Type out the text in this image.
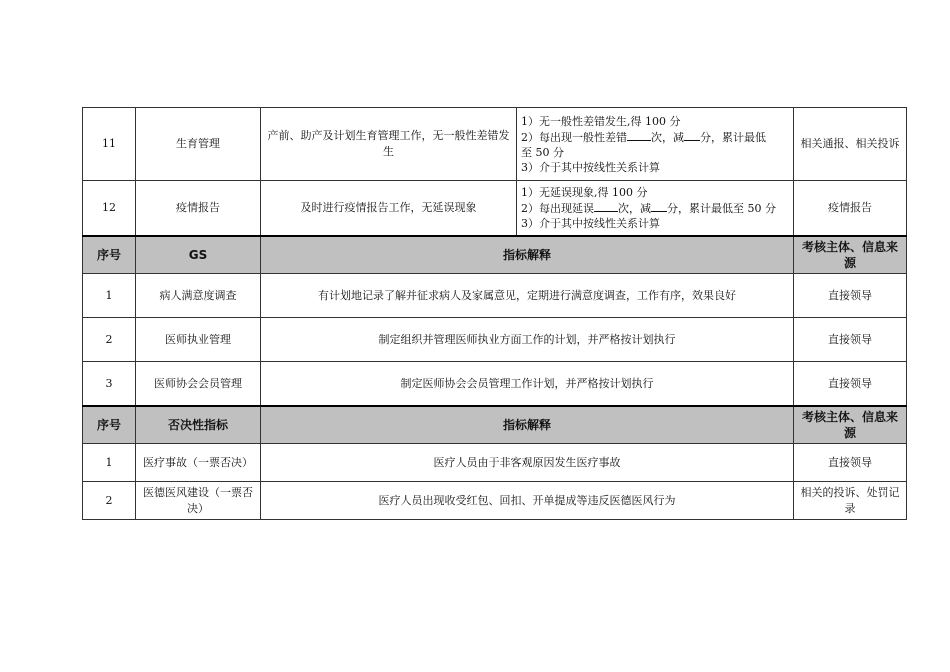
11	生育管理	产前、助产及计划生育管理工作，无一般性差错发生	1）无一般性差错发生,得 100 分
2）每出现一般性差错 次，减 分，累计最低
至 50 分
3）介于其中按线性关系计算	相关通报、相关投诉
12	疫情报告	及时进行疫情报告工作，无延误现象	1）无延误现象,得 100 分
2）每出现延误 次，减 分，累计最低至 50 分
3）介于其中按线性关系计算	疫情报告
序号	GS	指标解释		考核主体、信息来源
1	病人满意度调查	有计划地记录了解并征求病人及家属意见，定期进行满意度调查，工作有序，效果良好		直接领导
2	医师执业管理	制定组织并管理医师执业方面工作的计划，并严格按计划执行		直接领导
3	医师协会会员管理	制定医师协会会员管理工作计划，并严格按计划执行		直接领导
序号	否决性指标	指标解释		考核主体、信息来源
1	医疗事故（一票否决）	医疗人员由于非客观原因发生医疗事故		直接领导
2	医德医风建设（一票否决）	医疗人员出现收受红包、回扣、开单提成等违反医德医风行为		相关的投诉、处罚记录
